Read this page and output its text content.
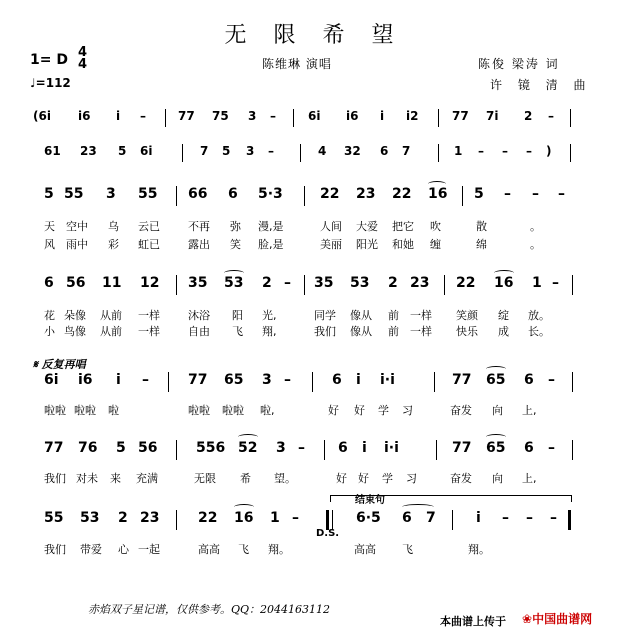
无 限 希 望
1= D 4
4
♩=112
陈维琳 演唱	陈俊 梁涛 词
许 镜 清 曲
(6i i6 i –	77 75 3 –	6i i6 i i2	77 7i 2 –
61 23 5 6i	7 5 3 –	4 32 6 7	1 – – – )
5 55 3 55 66 6 5·3	22 23 22 16 5 – – –
天 空中 乌 云已	不再 弥 漫,是	人间 大爱 把它 吹	散	。
风 雨中 彩 虹已	露出 笑 脸,是	美丽 阳光 和她 缠	绵	。
6 56 11 12 35 53 2 – 35 53 2 23 22 16 1 –
花 朵像 从前 一样	沐浴 阳 光,	同学 像从 前 一样 笑颜 绽 放。
小 鸟像 从前 一样	自由 飞 翔,	我们 像从 前 一样 快乐 成 长。
𝄋 反复再唱
6i i6 i –	77 65 3 –	6 i i·i	77 65 6 –
啦啦 啦啦 啦	啦啦 啦啦 啦,	好 好 学 习	奋发 向 上,
77 76 5 56	556 52 3 – 6 i i·i	77 65 6 –
我们 对未 来 充满	无限 希 望。	好 好 学 习	奋发 向 上,
结束句
55 53 2 23	22 16 1 –	6·5 6 7	i – – –
D.S.
我们 带爱 心 一起	高高 飞 翔。	高高 飞	翔。
赤焰双子星记谱，仅供参考。QQ：2044163112
本曲谱上传于 ❀中国曲谱网
